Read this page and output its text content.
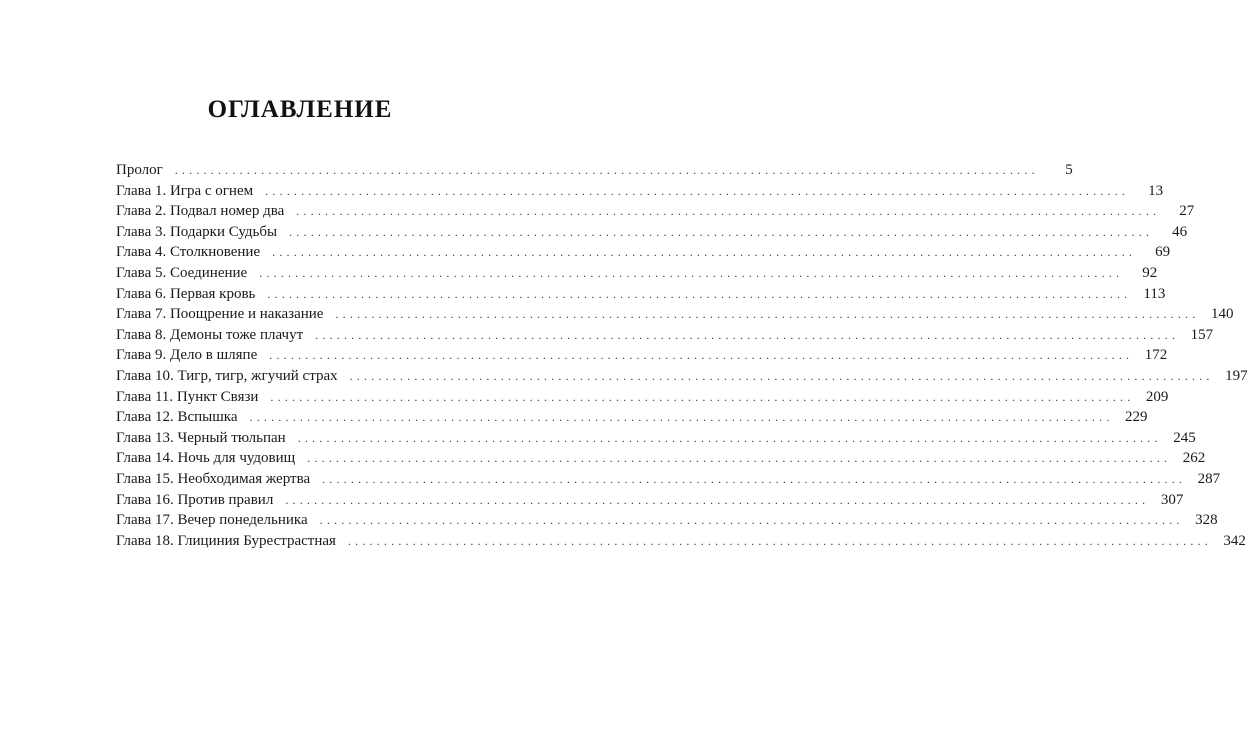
ОГЛАВЛЕНИЕ
Пролог ........................................................................................................................	5
Глава 1. Игра с огнем ........................................................................................................................	13
Глава 2. Подвал номер два ........................................................................................................................	27
Глава 3. Подарки Судьбы ........................................................................................................................	46
Глава 4. Столкновение ........................................................................................................................	69
Глава 5. Соединение ........................................................................................................................	92
Глава 6. Первая кровь ........................................................................................................................ 113
Глава 7. Поощрение и наказание ........................................................................................................................ 140
Глава 8. Демоны тоже плачут ........................................................................................................................ 157
Глава 9. Дело в шляпе ........................................................................................................................ 172
Глава 10. Тигр, тигр, жгучий страх ........................................................................................................................ 197
Глава 11. Пункт Связи ........................................................................................................................ 209
Глава 12. Вспышка ........................................................................................................................ 229
Глава 13. Черный тюльпан ........................................................................................................................ 245
Глава 14. Ночь для чудовищ ........................................................................................................................ 262
Глава 15. Необходимая жертва ........................................................................................................................ 287
Глава 16. Против правил ........................................................................................................................ 307
Глава 17. Вечер понедельника ........................................................................................................................ 328
Глава 18. Глициния Бурестрастная ........................................................................................................................ 342
